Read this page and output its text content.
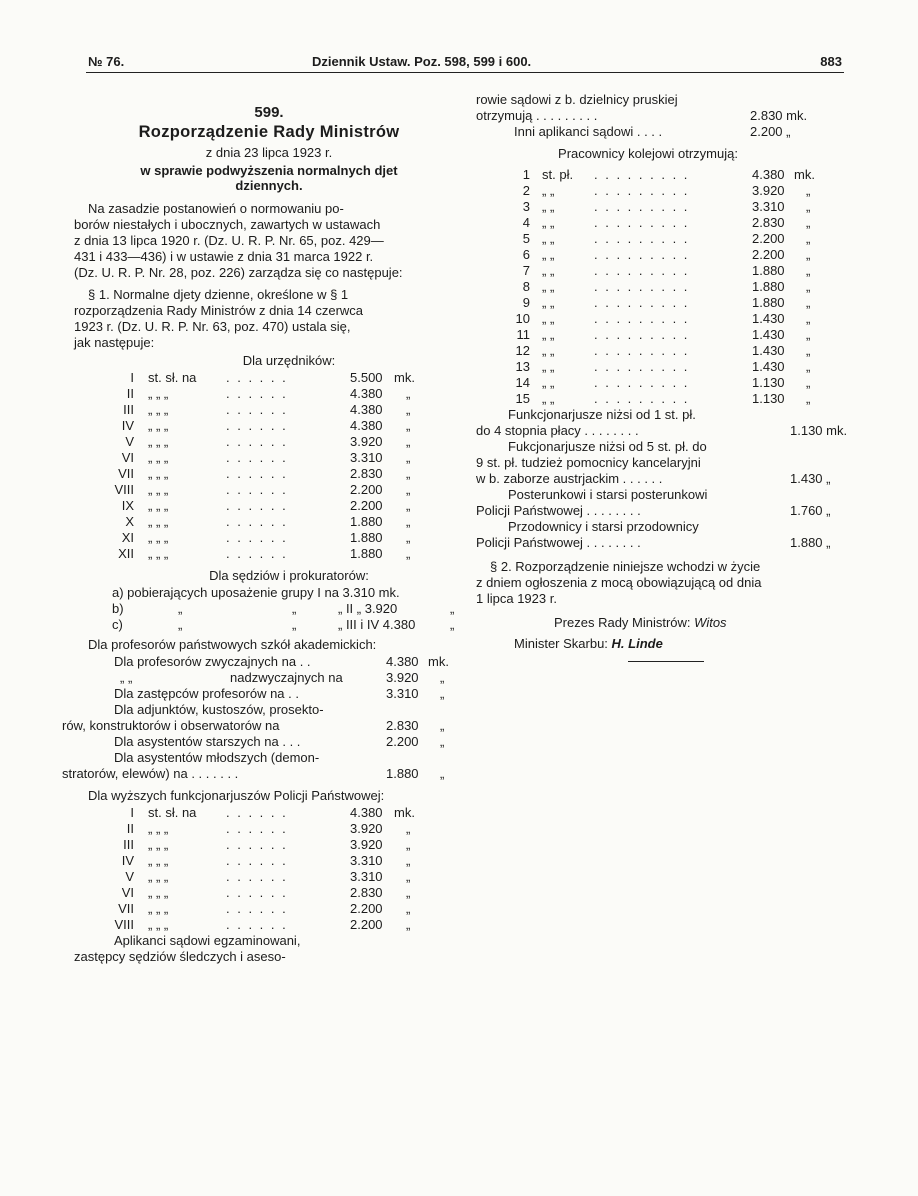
№ 76.	Dziennik Ustaw. Poz. 598, 599 i 600.	883

599.

Rozporządzenie Rady Ministrów

z dnia 23 lipca 1923 r.

w sprawie podwyższenia normalnych djet

dziennych.

Na zasadzie postanowień o normowaniu po-

borów niestałych i ubocznych, zawartych w ustawach

z dnia 13 lipca 1920 r. (Dz. U. R. P. Nr. 65, poz. 429—

431 i 433—436) i w ustawie z dnia 31 marca 1922 r.

(Dz. U. R. P. Nr. 28, poz. 226) zarządza się co następuje:

§ 1. Normalne djety dzienne, określone w § 1

rozporządzenia Rady Ministrów z dnia 14 czerwca

1923 r. (Dz. U. R. P. Nr. 63, poz. 470) ustala się,

jak następuje:

Dla urzędników:

I st. sł. na . . . . . .	5.500 mk.
II „ „ „	. . . . . .	4.380 „
III „ „ „	. . . . . .	4.380 „
IV „ „ „	. . . . . .	4.380 „
V „ „ „	. . . . . .	3.920 „
VI „ „ „	. . . . . .	3.310 „
VII „ „ „	. . . . . .	2.830 „
VIII „ „ „	. . . . . .	2.200 „
IX „ „ „	. . . . . .	2.200 „
X „ „ „	. . . . . .	1.880 „
XI „ „ „	. . . . . .	1.880 „
XII „ „ „	. . . . . .	1.880 „

Dla sędziów i prokuratorów:

a) pobierających uposażenie grupy I na 3.310 mk.
b)	„	„	„ II „ 3.920	„
c)	„	„	„ III i IV 4.380	„

Dla profesorów państwowych szkół akademickich:

Dla profesorów zwyczajnych na . .	4.380 mk.
„ „	nadzwyczajnych na	3.920 „
Dla zastępców profesorów na . .	3.310 „
Dla adjunktów, kustoszów, prosekto-
rów, konstruktorów i obserwatorów na	2.830 „
Dla asystentów starszych na . . .	2.200 „
Dla asystentów młodszych (demon-
stratorów, elewów) na . . . . . . .	1.880 „

Dla wyższych funkcjonarjuszów Policji Państwowej:

I st. sł. na . . . . . .	4.380 mk.
II „ „ „	. . . . . .	3.920 „
III „ „ „	. . . . . .	3.920 „
IV „ „ „	. . . . . .	3.310 „
V „ „ „	. . . . . .	3.310 „
VI „ „ „	. . . . . .	2.830 „
VII „ „ „	. . . . . .	2.200 „
VIII „ „ „	. . . . . .	2.200 „

Aplikanci sądowi egzaminowani,

zastępcy sędziów śledczych i aseso-

rowie sądowi z b. dzielnicy pruskiej
otrzymują . . . . . . . . .	2.830 mk.
Inni aplikanci sądowi . . . .	2.200 „

Pracownicy kolejowi otrzymują:

1 st. pł. . . . . . . . . .	4.380 mk.
2 „ „	. . . . . . . . .	3.920 „
3 „ „	. . . . . . . . .	3.310 „
4 „ „	. . . . . . . . .	2.830 „
5 „ „	. . . . . . . . .	2.200 „
6 „ „	. . . . . . . . .	2.200 „
7 „ „	. . . . . . . . .	1.880 „
8 „ „	. . . . . . . . .	1.880 „
9 „ „	. . . . . . . . .	1.880 „
10 „ „	. . . . . . . . .	1.430 „
11 „ „	. . . . . . . . .	1.430 „
12 „ „	. . . . . . . . .	1.430 „
13 „ „	. . . . . . . . .	1.430 „
14 „ „	. . . . . . . . .	1.130 „
15 „ „	. . . . . . . . .	1.130 „
Funkcjonarjusze niżsi od 1 st. pł.
do 4 stopnia płacy . . . . . . . .	1.130 mk.
Fukcjonarjusze niżsi od 5 st. pł. do
9 st. pł. tudzież pomocnicy kancelaryjni
w b. zaborze austrjackim . . . . . .	1.430 „
Posterunkowi i starsi posterunkowi
Policji Państwowej . . . . . . . .	1.760 „
Przodownicy i starsi przodownicy
Policji Państwowej . . . . . . . .	1.880 „

§ 2. Rozporządzenie niniejsze wchodzi w życie

z dniem ogłoszenia z mocą obowiązującą od dnia

1 lipca 1923 r.

Prezes Rady Ministrów: Witos

Minister Skarbu: H. Linde
